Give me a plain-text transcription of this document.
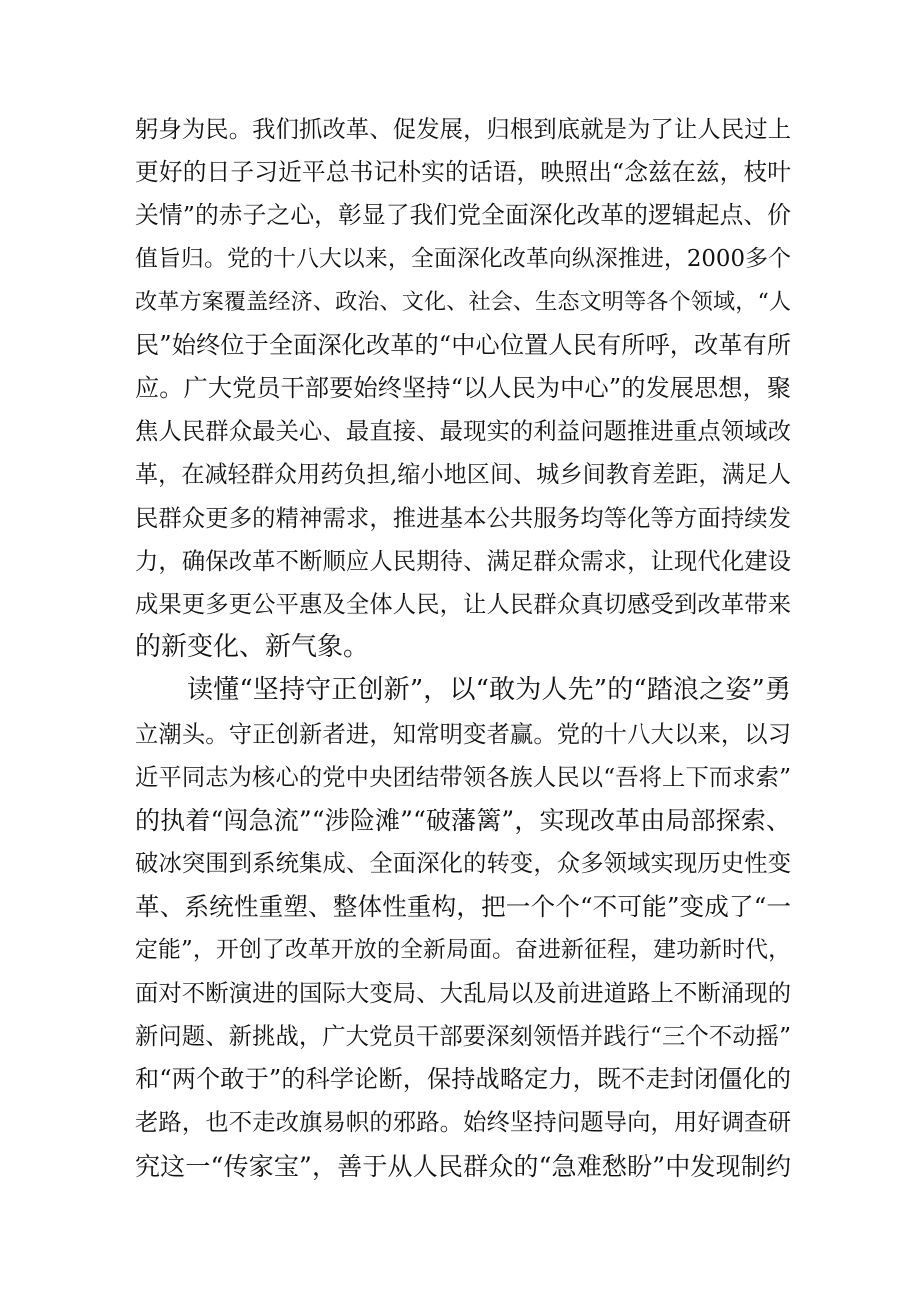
躬身为民。我们抓改革、促发展，归根到底就是为了让人民过上
更好的日子习近平总书记朴实的话语，映照出“念兹在兹，枝叶
关情”的赤子之心，彰显了我们党全面深化改革的逻辑起点、价
值旨归。党的十八大以来，全面深化改革向纵深推进，2000多个
改革方案覆盖经济、政治、文化、社会、生态文明等各个领域，“人
民”始终位于全面深化改革的“中心位置人民有所呼，改革有所
应。广大党员干部要始终坚持“以人民为中心”的发展思想，聚
焦人民群众最关心、最直接、最现实的利益问题推进重点领域改
革，在减轻群众用药负担,缩小地区间、城乡间教育差距，满足人
民群众更多的精神需求，推进基本公共服务均等化等方面持续发
力，确保改革不断顺应人民期待、满足群众需求，让现代化建设
成果更多更公平惠及全体人民，让人民群众真切感受到改革带来
的新变化、新气象。
读懂“坚持守正创新”，以“敢为人先”的“踏浪之姿”勇
立潮头。守正创新者进，知常明变者赢。党的十八大以来，以习
近平同志为核心的党中央团结带领各族人民以“吾将上下而求索”
的执着“闯急流”“涉险滩”“破藩篱”，实现改革由局部探索、
破冰突围到系统集成、全面深化的转变，众多领域实现历史性变
革、系统性重塑、整体性重构，把一个个“不可能”变成了“一
定能”，开创了改革开放的全新局面。奋进新征程，建功新时代，
面对不断演进的国际大变局、大乱局以及前进道路上不断涌现的
新问题、新挑战，广大党员干部要深刻领悟并践行“三个不动摇”
和“两个敢于”的科学论断，保持战略定力，既不走封闭僵化的
老路，也不走改旗易帜的邪路。始终坚持问题导向，用好调查研
究这一“传家宝”，善于从人民群众的“急难愁盼”中发现制约
